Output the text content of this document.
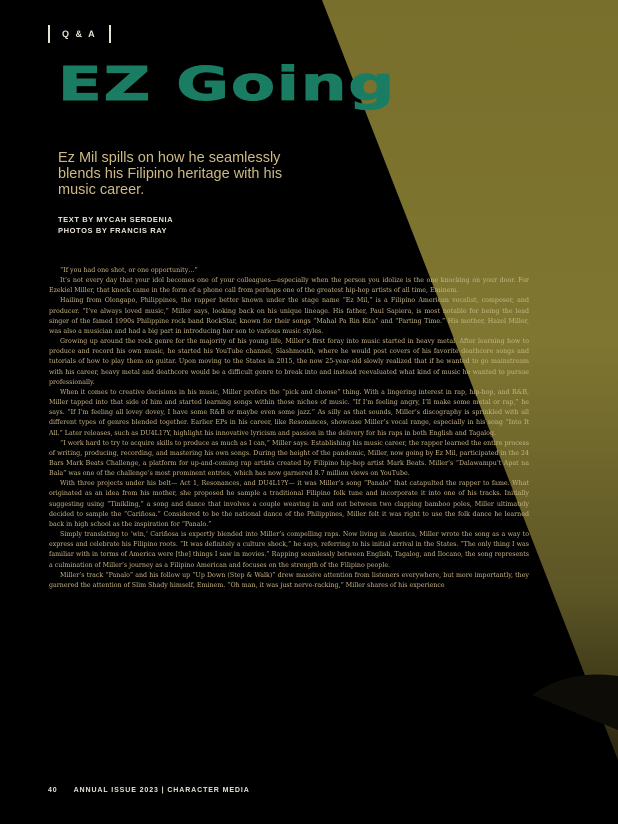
Q & A
EZ Going

Ez Mil spills on how he seamlessly blends his Filipino heritage with his music career.

TEXT BY MYCAH SERDENIA
PHOTOS BY FRANCIS RAY

“If you had one shot, or one opportunity…”

It’s not every day that your idol becomes one of your colleagues—especially when the person you idolize is the one knocking on your door. For Ezekiel Miller, that knock came in the form of a phone call from perhaps one of the greatest hip-hop artists of all time, Eminem.

Hailing from Olongapo, Philippines, the rapper better known under the stage name “Ez Mil,” is a Filipino American vocalist, composer, and producer. “I’ve always loved music,” Miller says, looking back on his unique lineage. His father, Paul Sapiera, is most notable for being the lead singer of the famed 1990s Philippine rock band RockStar, known for their songs “Mahal Pa Rin Kita” and “Parting Time.” His mother, Hazel Miller, was also a musician and had a big part in introducing her son to various music styles.

Growing up around the rock genre for the majority of his young life, Miller’s first foray into music started in heavy metal. After learning how to produce and record his own music, he started his YouTube channel, Slashmouth, where he would post covers of his favorite deathcore songs and tutorials of how to play them on guitar. Upon moving to the States in 2015, the now 25-year-old slowly realized that if he wanted to go mainstream with his career, heavy metal and deathcore would be a difficult genre to break into and instead reevaluated what kind of music he wanted to pursue professionally.

When it comes to creative decisions in his music, Miller prefers the “pick and choose” thing. With a lingering interest in rap, hip-hop, and R&B, Miller tapped into that side of him and started learning songs within those niches of music. “If I’m feeling angry, I’ll make some metal or rap,” he says. “If I’m feeling all lovey dovey, I have some R&B or maybe even some jazz.” As silly as that sounds, Miller’s discography is sprinkled with all different types of genres blended together. Earlier EPs in his career, like Resonances, showcase Miller’s vocal range, especially in his song “Into It All.” Later releases, such as DU4L1?Y, highlight his innovative lyricism and passion in the delivery for his raps in both English and Tagalog.

“I work hard to try to acquire skills to produce as much as I can,” Miller says. Establishing his music career, the rapper learned the entire process of writing, producing, recording, and mastering his own songs. During the height of the pandemic, Miller, now going by Ez Mil, participated in the 24 Bars Mark Beats Challenge, a platform for up-and-coming rap artists created by Filipino hip-hop artist Mark Beats. Miller’s “Dalawampu’t Apat na Bala” was one of the challenge’s most prominent entries, which has now garnered 8.7 million views on YouTube.

With three projects under his belt— Act 1, Resonances, and DU4L1?Y— it was Miller’s song “Panalo” that catapulted the rapper to fame. What originated as an idea from his mother, she proposed he sample a traditional Filipino folk tune and incorporate it into one of his tracks. Initially suggesting using “Tinikling,” a song and dance that involves a couple weaving in and out between two clapping bamboo poles, Miller ultimately decided to sample the “Cariñosa.” Considered to be the national dance of the Philippines, Miller felt it was right to use the folk dance he learned back in high school as the inspiration for “Panalo.”

Simply translating to ‘win,’ Cariñosa is expertly blended into Miller’s compelling raps. Now living in America, Miller wrote the song as a way to express and celebrate his Filipino roots. “It was definitely a culture shock,” he says, referring to his initial arrival in the States. “The only thing I was familiar with in terms of America were [the] things I saw in movies.” Rapping seamlessly between English, Tagalog, and Ilocano, the song represents a culmination of Miller’s journey as a Filipino American and focuses on the strength of the Filipino people.

Miller’s track “Panalo” and his follow up “Up Down (Step & Walk)” drew massive attention from listeners everywhere, but more importantly, they garnered the attention of Slim Shady himself, Eminem. “Oh man, it was just nerve-racking,” Miller shares of his experience

40 ANNUAL ISSUE 2023 | CHARACTER MEDIA
